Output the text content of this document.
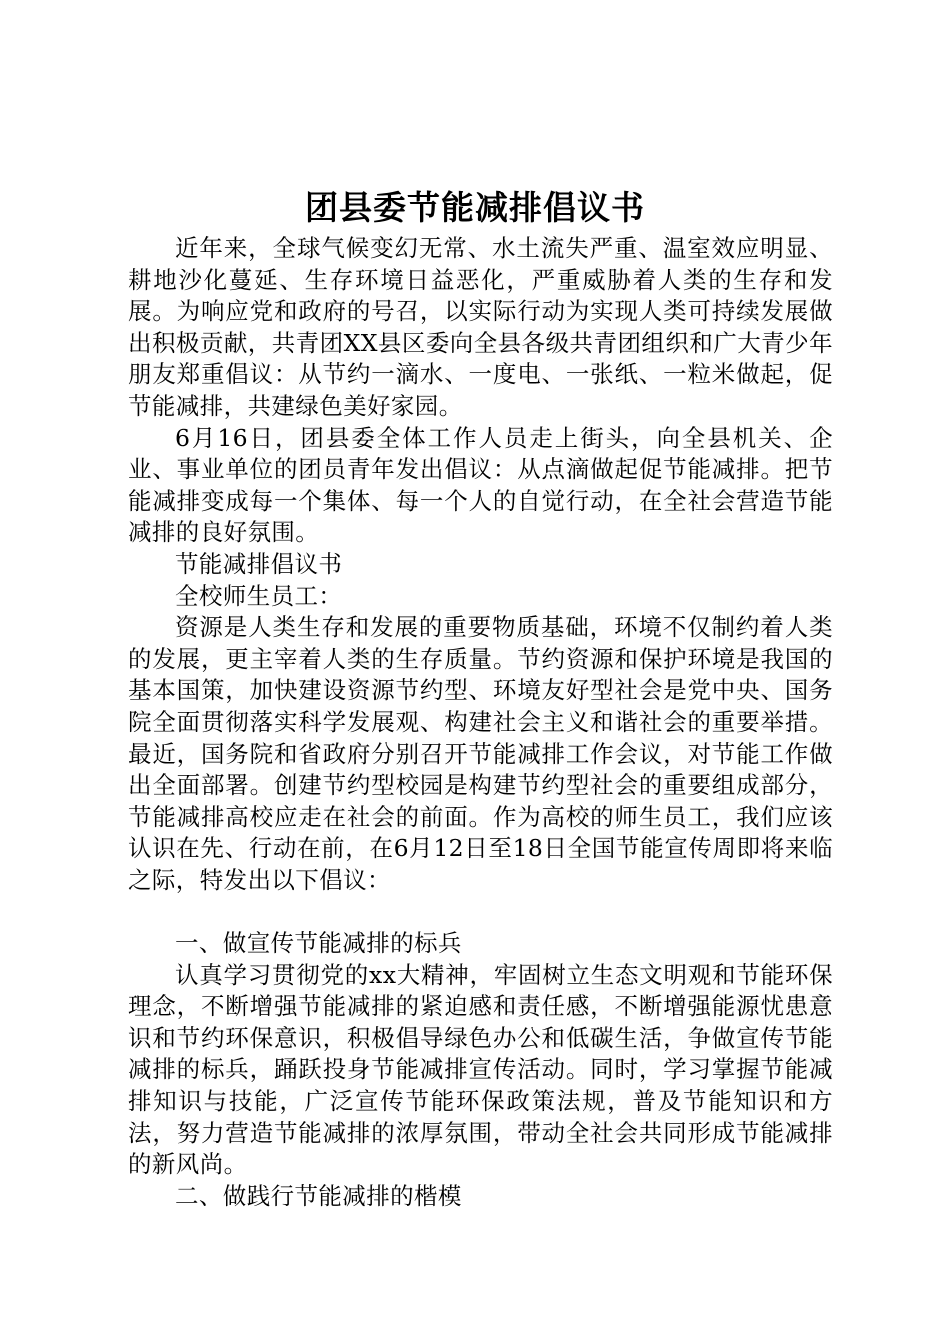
团县委节能减排倡议书

近年来，全球气候变幻无常、水土流失严重、温室效应明显、耕地沙化蔓延、生存环境日益恶化，严重威胁着人类的生存和发展。为响应党和政府的号召，以实际行动为实现人类可持续发展做出积极贡献，共青团XX县区委向全县各级共青团组织和广大青少年朋友郑重倡议：从节约一滴水、一度电、一张纸、一粒米做起，促节能减排，共建绿色美好家园。

6月16日，团县委全体工作人员走上街头，向全县机关、企业、事业单位的团员青年发出倡议：从点滴做起促节能减排。把节能减排变成每一个集体、每一个人的自觉行动，在全社会营造节能减排的良好氛围。

节能减排倡议书

全校师生员工：

资源是人类生存和发展的重要物质基础，环境不仅制约着人类的发展，更主宰着人类的生存质量。节约资源和保护环境是我国的基本国策，加快建设资源节约型、环境友好型社会是党中央、国务院全面贯彻落实科学发展观、构建社会主义和谐社会的重要举措。最近，国务院和省政府分别召开节能减排工作会议，对节能工作做出全面部署。创建节约型校园是构建节约型社会的重要组成部分，节能减排高校应走在社会的前面。作为高校的师生员工，我们应该认识在先、行动在前，在6月12日至18日全国节能宣传周即将来临之际，特发出以下倡议：

一、做宣传节能减排的标兵

认真学习贯彻党的xx大精神，牢固树立生态文明观和节能环保理念，不断增强节能减排的紧迫感和责任感，不断增强能源忧患意识和节约环保意识，积极倡导绿色办公和低碳生活，争做宣传节能减排的标兵，踊跃投身节能减排宣传活动。同时，学习掌握节能减排知识与技能，广泛宣传节能环保政策法规，普及节能知识和方法，努力营造节能减排的浓厚氛围，带动全社会共同形成节能减排的新风尚。

二、做践行节能减排的楷模
